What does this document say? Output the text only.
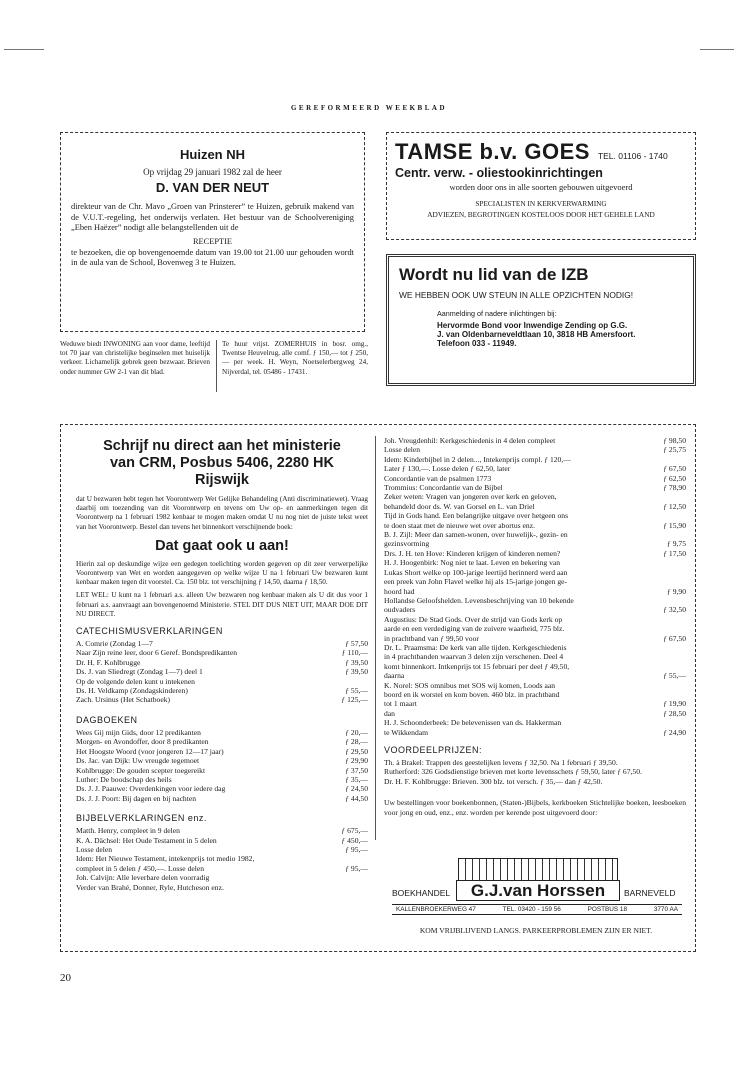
GEREFORMEERD WEEKBLAD
Huizen NH
Op vrijdag 29 januari 1982 zal de heer
D. VAN DER NEUT
direkteur van de Chr. Mavo „Groen van Prinsterer” te Huizen, gebruik makend van de V.U.T.-regeling, het onderwijs verlaten. Het bestuur van de Schoolvereniging „Eben Haëzer” nodigt alle belangstellenden uit de
RECEPTIE
te bezoeken, die op bovengenoemde datum van 19.00 tot 21.00 uur gehouden wordt in de aula van de School, Bovenweg 3 te Huizen.
Weduwe biedt INWONING aan voor dame, leeftijd tot 70 jaar van christelijke beginselen met huiselijk verkeer. Lichamelijk gebrek geen bezwaar. Brieven onder nummer GW 2-1 van dit blad.
Te huur vrijst. ZOMERHUIS in bosr. omg., Twentse Heuvelrug, alle comf. ƒ 150,— tot ƒ 250,— per week. H. Weyn, Noetselerbergweg 24, Nijverdal, tel. 05486 - 17431.
TAMSE b.v. GOES TEL. 01106 - 1740
Centr. verw. - oliestookinrichtingen
worden door ons in alle soorten gebouwen uitgevoerd
SPECIALISTEN IN KERKVERWARMING
ADVIEZEN, BEGROTINGEN KOSTELOOS DOOR HET GEHELE LAND
Wordt nu lid van de IZB
WE HEBBEN OOK UW STEUN IN ALLE OPZICHTEN NODIG!
Aanmelding of nadere inlichtingen bij:
Hervormde Bond voor Inwendige Zending op G.G.
J. van Oldenbarneveldtlaan 10, 3818 HB Amersfoort.
Telefoon 033 - 11949.
Schrijf nu direct aan het ministerie
van CRM, Posbus 5406, 2280 HK
Rijswijk
dat U bezwaren hebt tegen het Voorontwerp Wet Gelijke Behandeling (Anti discriminatiewet). Vraag daarbij om toezending van dit Voorontwerp en tevens om Uw op- en aanmerkingen tegen dit Voorontwerp na 1 februari 1982 kenbaar te mogen maken omdat U nu nog niet de juiste tekst weet van het Voorontwerp. Bestel dan tevens het binnenkort verschijnende boek:
Dat gaat ook u aan!
Hierin zal op deskundige wijze een gedegen toelichting worden gegeven op dit zeer verwerpelijke Voorontwerp van Wet en worden aangegeven op welke wijze U na 1 februari Uw bezwaren kunt kenbaar maken tegen dit voorstel. Ca. 150 blz. tot verschijning ƒ 14,50, daarna ƒ 18,50.
LET WEL: U kunt na 1 februari a.s. alleen Uw bezwaren nog kenbaar maken als U dit dus voor 1 februari a.s. aanvraagt aan bovengenoemd Ministerie. STEL DIT DUS NIET UIT, MAAR DOE DIT NU DIRECT.
CATECHISMUSVERKLARINGEN
A. Comrie (Zondag 1—7	ƒ 57,50
Naar Zijn reine leer, door 6 Geref. Bondspredikanten	ƒ 110,—
Dr. H. F. Kohlbrugge	ƒ 39,50
Ds. J. van Sliedregt (Zondag 1—7) deel 1	ƒ 39,50
Op de volgende delen kunt u intekenen
Ds. H. Veldkamp (Zondagskinderen)	ƒ 55,—
Zach. Ursinus (Het Schatboek)	ƒ 125,—
DAGBOEKEN
Wees Gij mijn Gids, door 12 predikanten	ƒ 20,—
Morgen- en Avondoffer, door 8 predikanten	ƒ 28,—
Het Hoogste Woord (voor jongeren 12—17 jaar)	ƒ 29,50
Ds. Jac. van Dijk: Uw vreugde tegemoet	ƒ 29,90
Kohlbrugge: De gouden scepter toegereikt	ƒ 37,50
Luther: De boodschap des heils	ƒ 35,—
Ds. J. J. Paauwe: Overdenkingen voor iedere dag	ƒ 24,50
Ds. J. J. Poort: Bij dagen en bij nachten	ƒ 44,50
BIJBELVERKLARINGEN enz.
Matth. Henry, compleet in 9 delen	ƒ 675,—
K. A. Dächsel: Het Oude Testament in 5 delen	ƒ 450,—
Losse delen	ƒ 95,—
Idem: Het Nieuwe Testament, intekenprijs tot medio 1982,
compleet in 5 delen ƒ 450,—. Losse delen	ƒ 95,—
Joh. Calvijn: Alle leverbare delen voorradig
Verder van Brahé, Donner, Ryle, Hutcheson enz.
Joh. Vreugdenhil: Kerkgeschiedenis in 4 delen compleet	ƒ 98,50
Losse delen	ƒ 25,75
Idem: Kinderbijbel in 2 delen..., Intekenprijs compl. ƒ 120,—
Later ƒ 130,—. Losse delen ƒ 62,50, later	ƒ 67,50
Concordantie van de psalmen 1773	ƒ 62,50
Trommius: Concordantie van de Bijbel	ƒ 78,90
Zeker weten: Vragen van jongeren over kerk en geloven,
behandeld door ds. W. van Gorsel en L. van Driel	ƒ 12,50
Tijd in Gods hand. Een belangrijke uitgave over hetgeen ons
te doen staat met de nieuwe wet over abortus enz.	ƒ 15,90
B. J. Zijl: Meer dan samen-wonen, over huwelijk-, gezin- en
gezinsvorming	ƒ 9,75
Drs. J. H. ten Hove: Kinderen krijgen of kinderen nemen?	ƒ 17,50
H. J. Hoogenbirk: Nog niet te laat. Leven en bekering van
Lukas Short welke op 100-jarige leertijd herinnerd werd aan
een preek van John Flavel welke hij als 15-jarige jongen ge-
hoord had	ƒ 9,90
Hollandse Geloofshelden. Levensbeschrijving van 10 bekende
oudvaders	ƒ 32,50
Augustius: De Stad Gods. Over de strijd van Gods kerk op
aarde en een verdediging van de zuivere waarheid, 775 blz.
in prachtband van ƒ 99,50 voor	ƒ 67,50
Dr. L. Praamsma: De kerk van alle tijden. Kerkgeschiedenis
in 4 prachtbanden waarvan 3 delen zijn verschenen. Deel 4
komt binnenkort. Intkenprijs tot 15 februari per deel ƒ 49,50,
daarna	ƒ 55,—
K. Norel: SOS omnibus met SOS wij komen, Loods aan
boord en ik worstel en kom boven. 460 blz. in prachtband
tot 1 maart	ƒ 19,90
dan	ƒ 28,50
H. J. Schoonderbeek: De belevenissen van ds. Hakkerman
te Wikkendam	ƒ 24,90
VOORDEELPRIJZEN:
Th. à Brakel: Trappen des geestelijken levens ƒ 32,50. Na 1 februari ƒ 39,50.
Rutherford: 326 Godsdienstige brieven met korte levensschets ƒ 59,50, later ƒ 67,50.
Dr. H. F. Kohlbrugge: Brieven. 300 blz. tot versch. ƒ 35,— dan ƒ 42,50.
Uw bestellingen voor boekenbonnen, (Staten-)Bijbels, kerkboeken Stichtelijke boeken, leesboeken voor jong en oud, enz., enz. worden per kerende post uitgevoerd door:
BOEKHANDEL	G.J.van Horssen	BARNEVELD
KALLENBROEKERWEG 47	TEL. 03420 - 159 56	POSTBUS 18	3770 AA
KOM VRIJBLIJVEND LANGS. PARKEERPROBLEMEN ZIJN ER NIET.
20
